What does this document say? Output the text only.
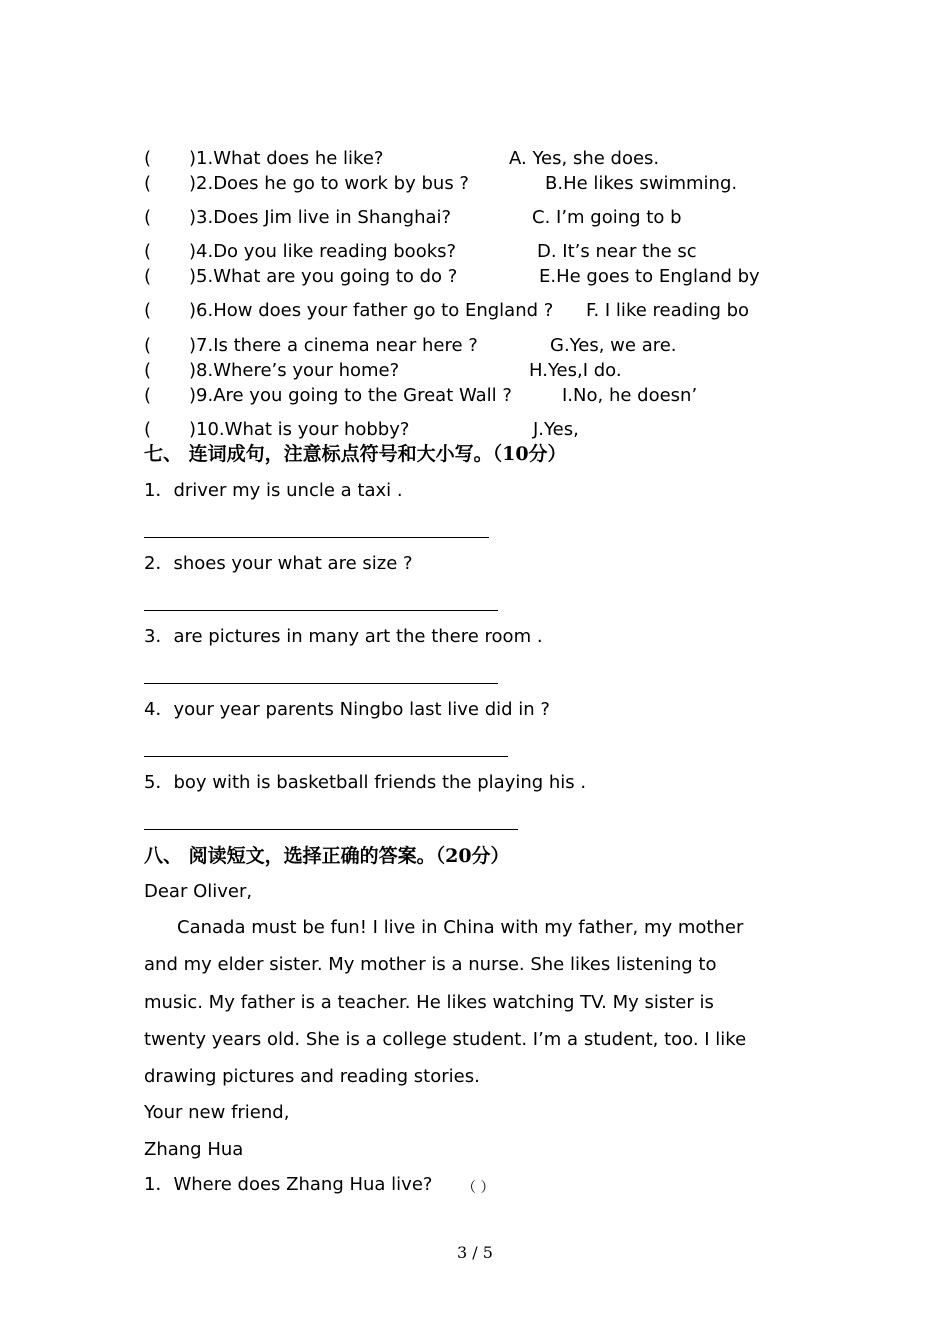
( )1.What does he like?	A. Yes, she does.
( )2.Does he go to work by bus ?	B.He likes swimming.
( )3.Does Jim live in Shanghai?	C. I’m going to b
( )4.Do you like reading books?	D. It’s near the sc
( )5.What are you going to do ?	E.He goes to England by
( )6.How does your father go to England ? F. I like reading bo
( )7.Is there a cinema near here ?	G.Yes, we are.
( )8.Where’s your home?	H.Yes,I do.
( )9.Are you going to the Great Wall ?	I.No, he doesn’
( )10.What is your hobby?	J.Yes,
七、 连词成句，注意标点符号和大小写。（10分）
1．driver my is uncle a taxi .
2．shoes your what are size ?
3．are pictures in many art the there room .
4．your year parents Ningbo last live did in ?
5．boy with is basketball friends the playing his .
八、 阅读短文，选择正确的答案。（20分）
Dear Oliver,
Canada must be fun! I live in China with my father, my mother
and my elder sister. My mother is a nurse. She likes listening to
music. My father is a teacher. He likes watching TV. My sister is
twenty years old. She is a college student. I’m a student, too. I like
drawing pictures and reading stories.
Your new friend,
Zhang Hua
1．Where does Zhang Hua live? （ ）
3 / 5
